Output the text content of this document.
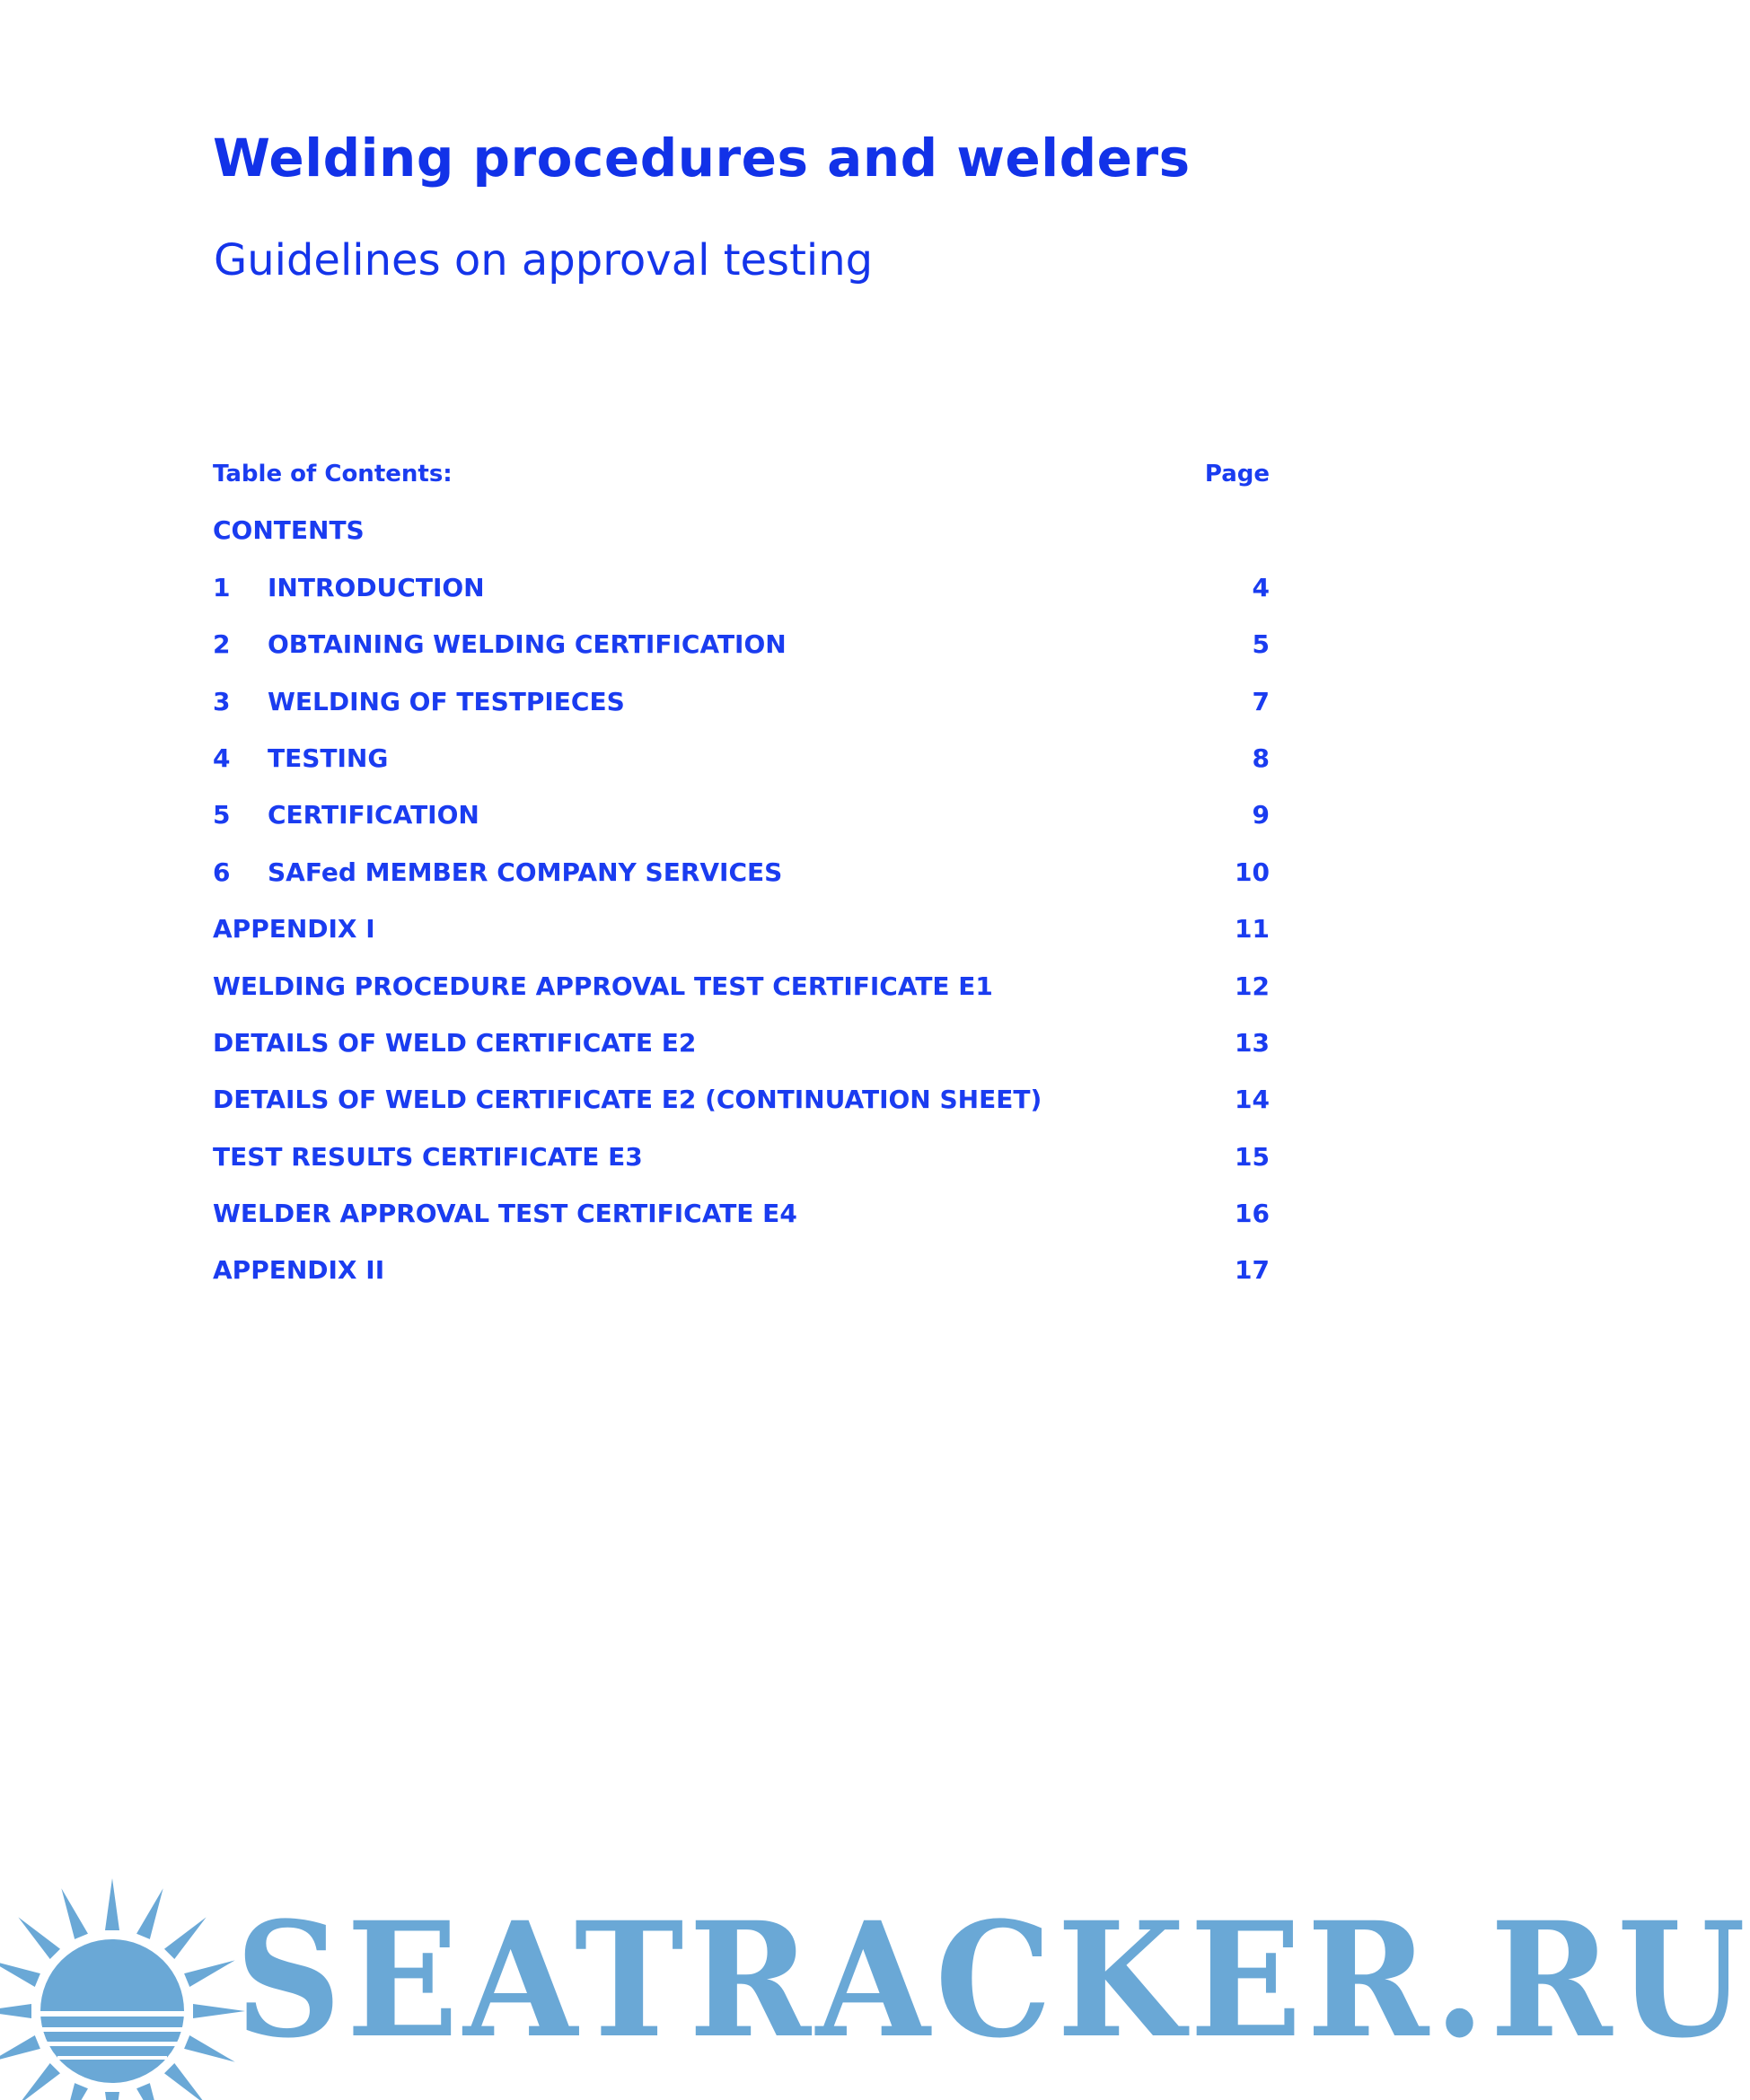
Welding procedures and welders
Guidelines on approval testing
Table of Contents:	Page
CONTENTS
1 INTRODUCTION	4
2 OBTAINING WELDING CERTIFICATION	5
3 WELDING OF TESTPIECES	7
4 TESTING	8
5 CERTIFICATION	9
6 SAFed MEMBER COMPANY SERVICES	10
APPENDIX I	11
WELDING PROCEDURE APPROVAL TEST CERTIFICATE E1	12
DETAILS OF WELD CERTIFICATE E2	13
DETAILS OF WELD CERTIFICATE E2 (CONTINUATION SHEET)	14
TEST RESULTS CERTIFICATE E3	15
WELDER APPROVAL TEST CERTIFICATE E4	16
APPENDIX II	17
SEATRACKER.RU
